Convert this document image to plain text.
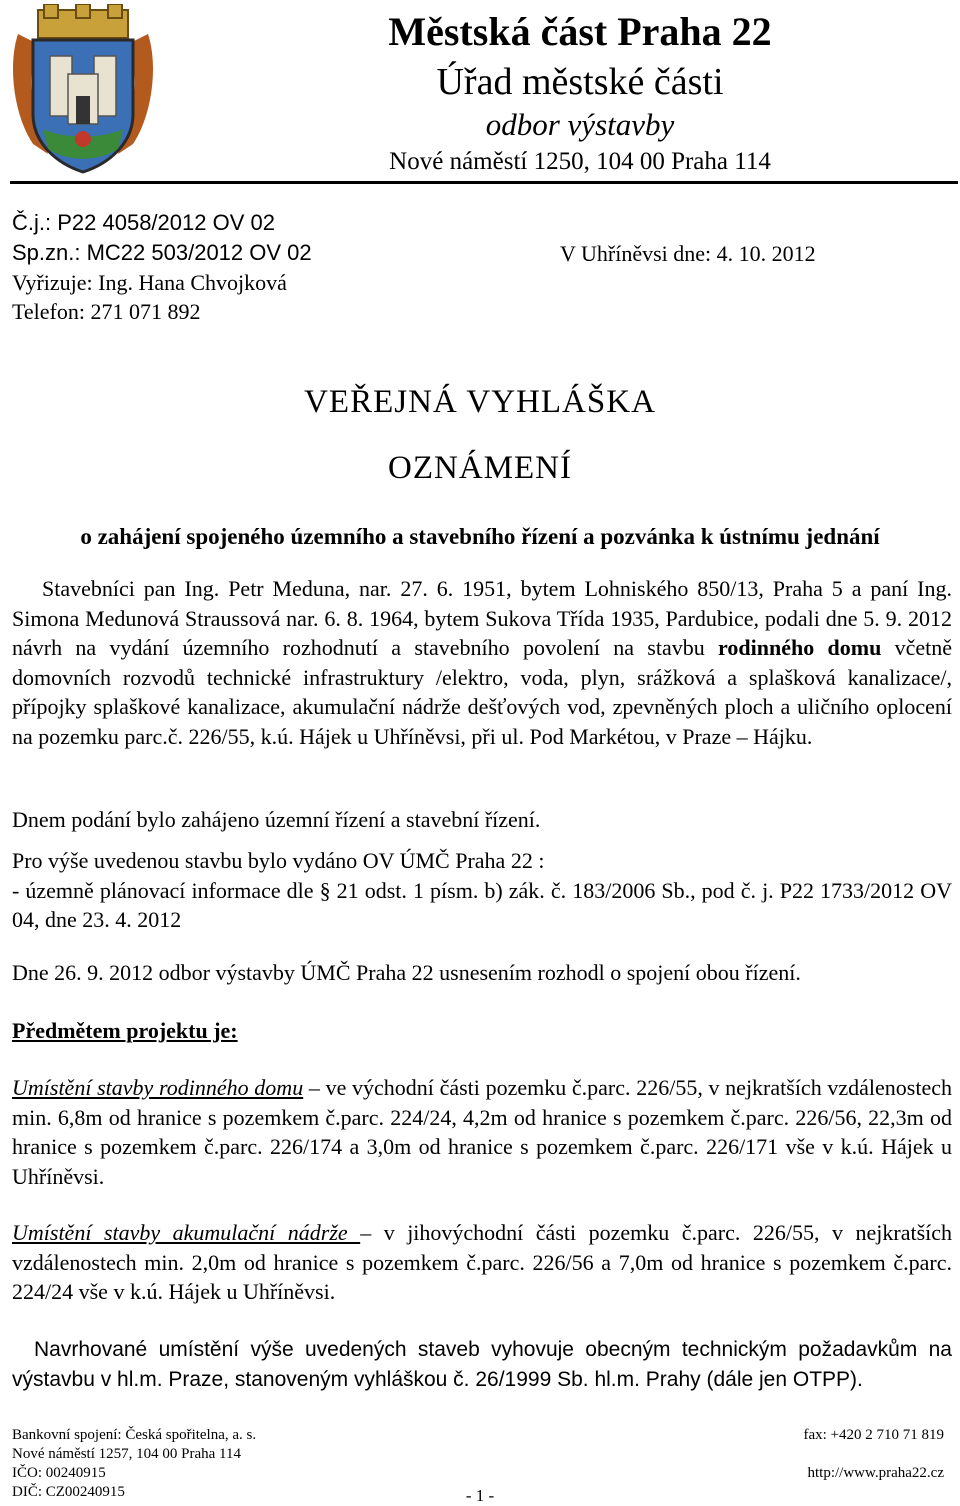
Městská část Praha 22
Úřad městské části
odbor výstavby
Nové náměstí 1250, 104 00 Praha 114
Č.j.: P22 4058/2012 OV 02
Sp.zn.: MC22 503/2012 OV 02	V Uhříněvsi dne: 4. 10. 2012
Vyřizuje: Ing. Hana Chvojková
Telefon: 271 071 892
VEŘEJNÁ VYHLÁŠKA
OZNÁMENÍ
o zahájení spojeného územního a stavebního řízení a pozvánka k ústnímu jednání
Stavebníci pan Ing. Petr Meduna, nar. 27. 6. 1951, bytem Lohniského 850/13, Praha 5 a paní Ing. Simona Medunová Straussová nar. 6. 8. 1964, bytem Sukova Třída 1935, Pardubice, podali dne 5. 9. 2012 návrh na vydání územního rozhodnutí a stavebního povolení na stavbu rodinného domu včetně domovních rozvodů technické infrastruktury /elektro, voda, plyn, srážková a splašková kanalizace/, přípojky splaškové kanalizace, akumulační nádrže dešťových vod, zpevněných ploch a uličního oplocení na pozemku parc.č. 226/55, k.ú. Hájek u Uhříněvsi, při ul. Pod Markétou, v Praze – Hájku.
Dnem podání bylo zahájeno územní řízení a stavební řízení.
Pro výše uvedenou stavbu bylo vydáno OV ÚMČ Praha 22 :
- územně plánovací informace dle § 21 odst. 1 písm. b) zák. č. 183/2006 Sb., pod č. j. P22 1733/2012 OV 04, dne 23. 4. 2012
Dne 26. 9. 2012 odbor výstavby ÚMČ Praha 22 usnesením rozhodl o spojení obou řízení.
Předmětem projektu je:
Umístění stavby rodinného domu – ve východní části pozemku č.parc. 226/55, v nejkratších vzdálenostech min. 6,8m od hranice s pozemkem č.parc. 224/24, 4,2m od hranice s pozemkem č.parc. 226/56, 22,3m od hranice s pozemkem č.parc. 226/174 a 3,0m od hranice s pozemkem č.parc. 226/171 vše v k.ú. Hájek u Uhříněvsi.
Umístění stavby akumulační nádrže – v jihovýchodní části pozemku č.parc. 226/55, v nejkratších vzdálenostech min. 2,0m od hranice s pozemkem č.parc. 226/56 a 7,0m od hranice s pozemkem č.parc. 224/24 vše v k.ú. Hájek u Uhříněvsi.
Navrhované umístění výše uvedených staveb vyhovuje obecným technickým požadavkům na výstavbu v hl.m. Praze, stanoveným vyhláškou č. 26/1999 Sb. hl.m. Prahy (dále jen OTPP).
Bankovní spojení: Česká spořitelna, a. s.	fax: +420 2 710 71 819
Nové náměstí 1257, 104 00 Praha 114
IČO: 00240915	http://www.praha22.cz
DIČ: CZ00240915	- 1 -
